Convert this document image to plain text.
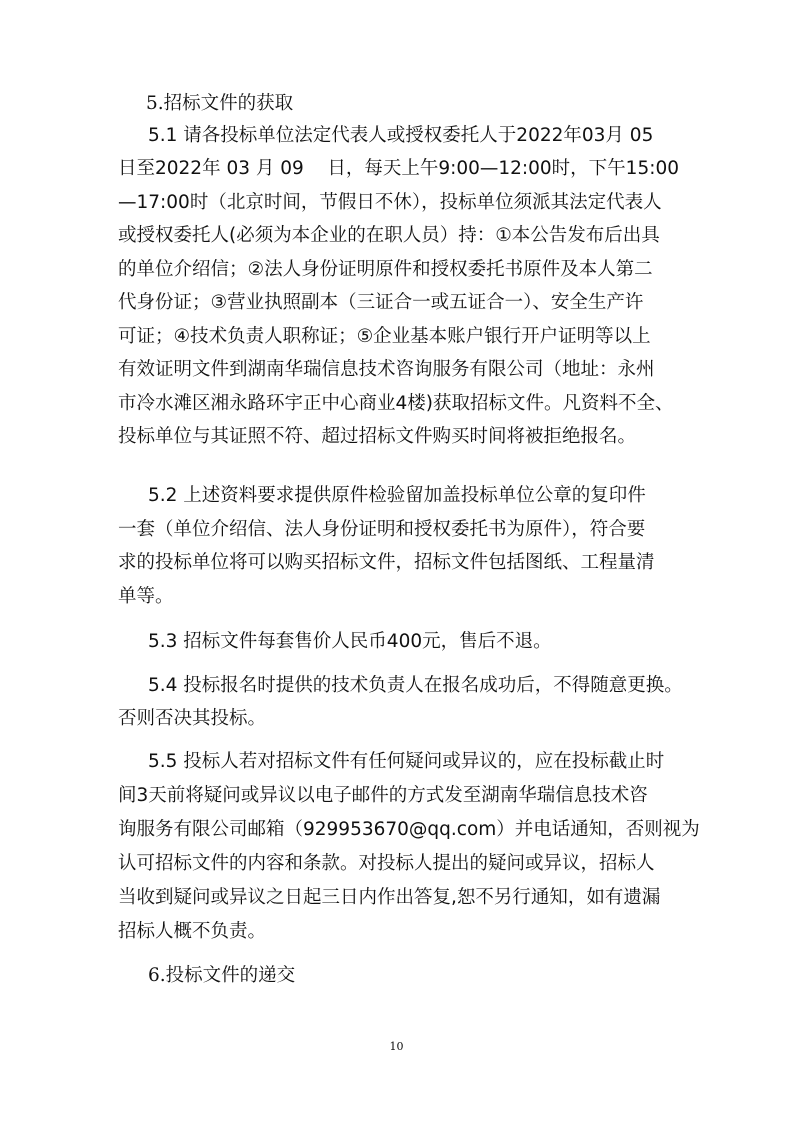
5.招标文件的获取
5.1 请各投标单位法定代表人或授权委托人于2022年03月 05
日至2022年 03 月 09    日，每天上午9:00—12:00时，下午15:00
—17:00时（北京时间，节假日不休），投标单位须派其法定代表人
或授权委托人(必须为本企业的在职人员）持：①本公告发布后出具
的单位介绍信；②法人身份证明原件和授权委托书原件及本人第二
代身份证；③营业执照副本（三证合一或五证合一）、安全生产许
可证；④技术负责人职称证；⑤企业基本账户银行开户证明等以上
有效证明文件到湖南华瑞信息技术咨询服务有限公司（地址：永州
市冷水滩区湘永路环宇正中心商业4楼)获取招标文件。凡资料不全、
投标单位与其证照不符、超过招标文件购买时间将被拒绝报名。
5.2 上述资料要求提供原件检验留加盖投标单位公章的复印件
一套（单位介绍信、法人身份证明和授权委托书为原件），符合要
求的投标单位将可以购买招标文件，招标文件包括图纸、工程量清
单等。
5.3 招标文件每套售价人民币400元，售后不退。
5.4 投标报名时提供的技术负责人在报名成功后，不得随意更换。
否则否决其投标。
5.5 投标人若对招标文件有任何疑问或异议的，应在投标截止时
间3天前将疑问或异议以电子邮件的方式发至湖南华瑞信息技术咨
询服务有限公司邮箱（929953670@qq.com）并电话通知，否则视为
认可招标文件的内容和条款。对投标人提出的疑问或异议，招标人
当收到疑问或异议之日起三日内作出答复,恕不另行通知，如有遗漏
招标人概不负责。
6.投标文件的递交
10
